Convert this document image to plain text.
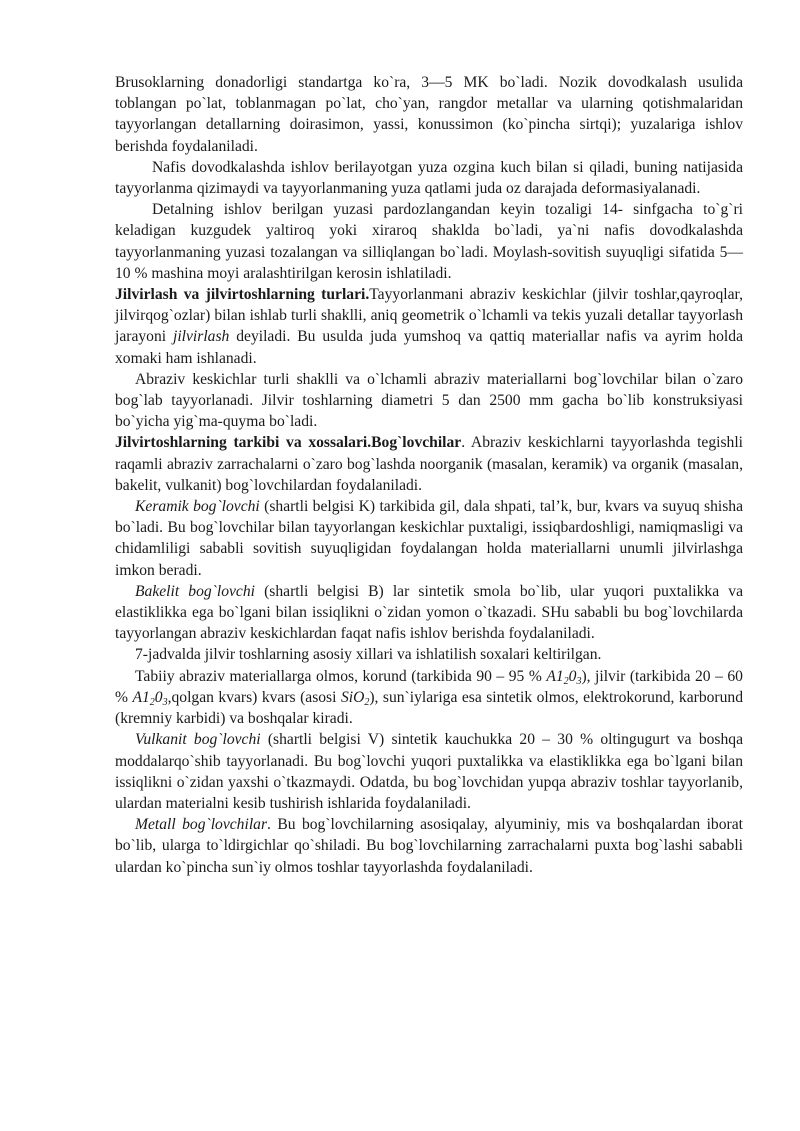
Brusoklarning donadorligi standartga ko`ra, 3—5 MK bo`ladi. Nozik dovodkalash usulida toblangan po`lat, toblanmagan po`lat, cho`yan, rangdor metallar va ularning qotishmalaridan tayyorlangan detallarning doirasimon, yassi, konussimon (ko`pincha sirtqi); yuzalariga ishlov berishda foydalaniladi.

Nafis dovodkalashda ishlov berilayotgan yuza ozgina kuch bilan si qiladi, buning natijasida tayyorlanma qizimaydi va tayyorlanmaning yuza qatlami juda oz darajada deformasiyalanadi.

Detalning ishlov berilgan yuzasi pardozlangandan keyin tozaligi 14- sinfgacha to`g`ri keladigan kuzgudek yaltiroq yoki xiraroq shaklda bo`ladi, ya`ni nafis dovodkalashda tayyorlanmaning yuzasi tozalangan va silliqlangan bo`ladi. Moylash-sovitish suyuqligi sifatida 5—10 % mashina moyi aralashtirilgan kerosin ishlatiladi.

Jilvirlash va jilvirtoshlarning turlari.Tayyorlanmani abraziv keskichlar (jilvir toshlar,qayroqlar, jilvirqog`ozlar) bilan ishlab turli shaklli, aniq geometrik o`lchamli va tekis yuzali detallar tayyorlash jarayoni jilvirlash deyiladi. Bu usulda juda yumshoq va qattiq materiallar nafis va ayrim holda xomaki ham ishlanadi.

Abraziv keskichlar turli shaklli va o`lchamli abraziv materiallarni bog`lovchilar bilan o`zaro bog`lab tayyorlanadi. Jilvir toshlarning diametri 5 dan 2500 mm gacha bo`lib konstruksiyasi bo`yicha yig`ma-quyma bo`ladi.

Jilvirtoshlarning tarkibi va xossalari.Bog`lovchilar. Abraziv keskichlarni tayyorlashda tegishli raqamli abraziv zarrachalarni o`zaro bog`lashda noorganik (masalan, keramik) va organik (masalan, bakelit, vulkanit) bog`lovchilardan foydalaniladi.

Keramik bog`lovchi (shartli belgisi K) tarkibida gil, dala shpati, tal’k, bur, kvars va suyuq shisha bo`ladi. Bu bog`lovchilar bilan tayyorlangan keskichlar puxtaligi, issiqbardoshligi, namiqmasligi va chidamliligi sababli sovitish suyuqligidan foydalangan holda materiallarni unumli jilvirlashga imkon beradi.

Bakelit bog`lovchi (shartli belgisi B) lar sintetik smola bo`lib, ular yuqori puxtalikka va elastiklikka ega bo`lgani bilan issiqlikni o`zidan yomon o`tkazadi. SHu sababli bu bog`lovchilarda tayyorlangan abraziv keskichlardan faqat nafis ishlov berishda foydalaniladi.

7-jadvalda jilvir toshlarning asosiy xillari va ishlatilish soxalari keltirilgan.

Tabiiy abraziv materiallarga olmos, korund (tarkibida 90 – 95 % $A1_20_3$), jilvir (tarkibida 20 – 60 % $A1_20_3,qolgan$ kvars) kvars (asosi SiO$_2$), sun`iylariga esa sintetik olmos, elektrokorund, karborund (kremniy karbidi) va boshqalar kiradi.

Vulkanit bog`lovchi (shartli belgisi V) sintetik kauchukka 20 – 30 % oltingugurt va boshqa moddalarqo`shib tayyorlanadi. Bu bog`lovchi yuqori puxtalikka va elastiklikka ega bo`lgani bilan issiqlikni o`zidan yaxshi o`tkazmaydi. Odatda, bu bog`lovchidan yupqa abraziv toshlar tayyorlanib, ulardan materialni kesib tushirish ishlarida foydalaniladi.

Metall bog`lovchilar. Bu bog`lovchilarning asosiqalay, alyuminiy, mis va boshqalardan iborat bo`lib, ularga to`ldirgichlar qo`shiladi. Bu bog`lovchilarning zarrachalarni puxta bog`lashi sababli ulardan ko`pincha sun`iy olmos toshlar tayyorlashda foydalaniladi.
